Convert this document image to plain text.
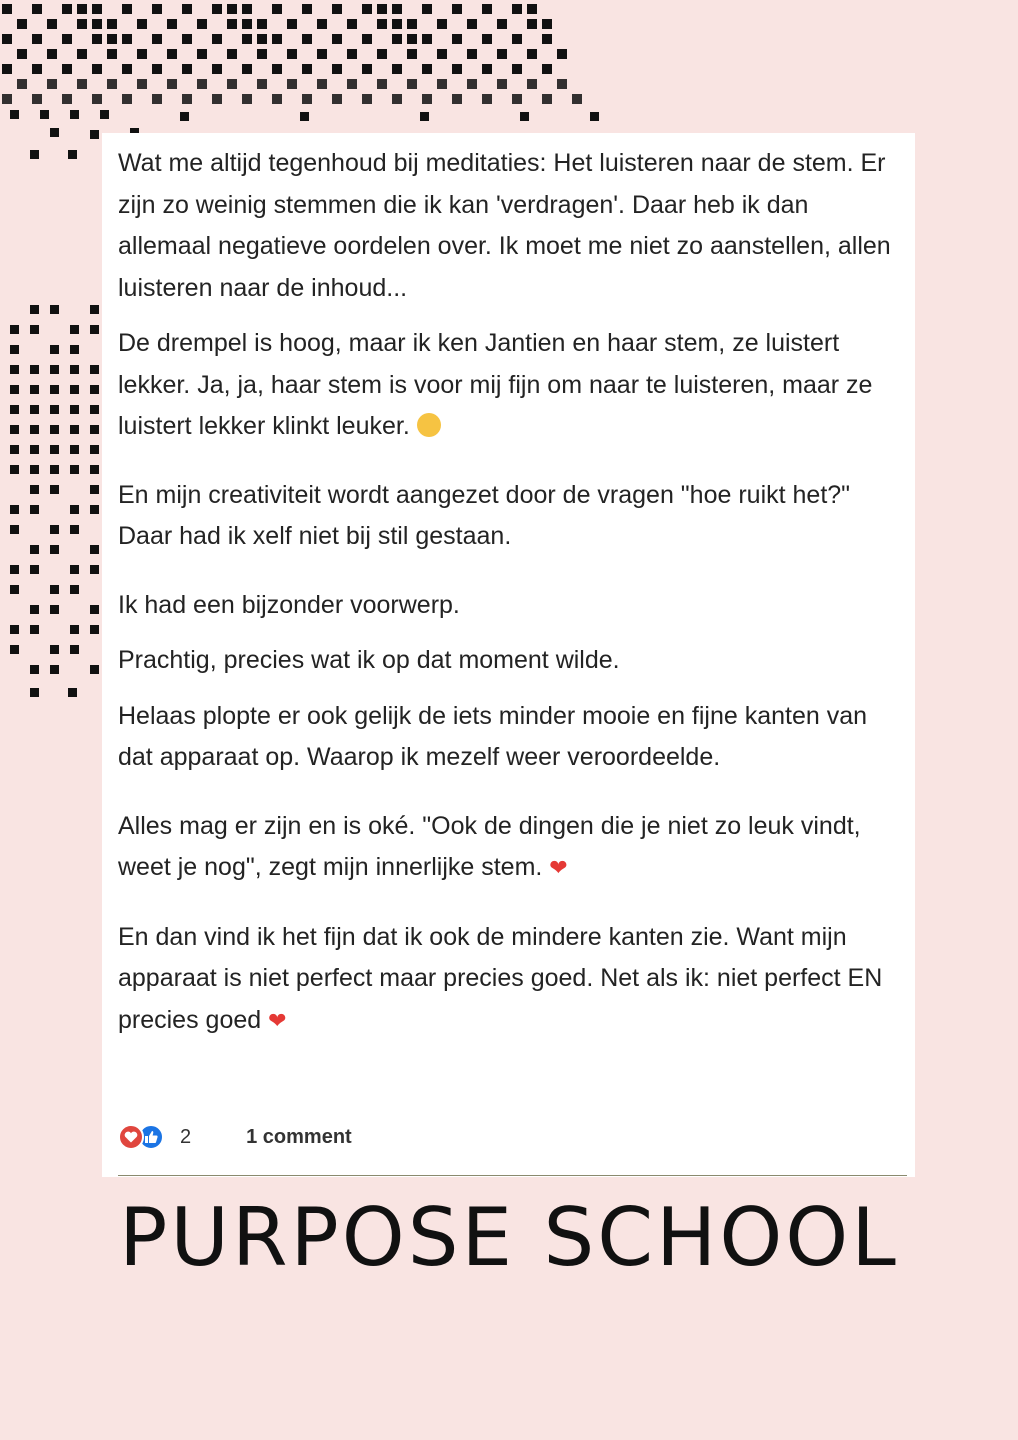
Wat me altijd tegenhoud bij meditaties: Het luisteren naar de stem. Er zijn zo weinig stemmen die ik kan 'verdragen'. Daar heb ik dan allemaal negatieve oordelen over. Ik moet me niet zo aanstellen, allen luisteren naar de inhoud...

De drempel is hoog, maar ik ken Jantien en haar stem, ze luistert lekker. Ja, ja, haar stem is voor mij fijn om naar te luisteren, maar ze luistert lekker klinkt leuker.

En mijn creativiteit wordt aangezet door de vragen "hoe ruikt het?" Daar had ik xelf niet bij stil gestaan.

Ik had een bijzonder voorwerp.

Prachtig, precies wat ik op dat moment wilde.

Helaas plopte er ook gelijk de iets minder mooie en fijne kanten van dat apparaat op. Waarop ik mezelf weer veroordeelde.

Alles mag er zijn en is oké. "Ook de dingen die je niet zo leuk vindt, weet je nog", zegt mijn innerlijke stem. ❤

En dan vind ik het fijn dat ik ook de mindere kanten zie. Want mijn apparaat is niet perfect maar precies goed. Net als ik: niet perfect EN precies goed ❤

2	1 comment
PURPOSE SCHOOL
